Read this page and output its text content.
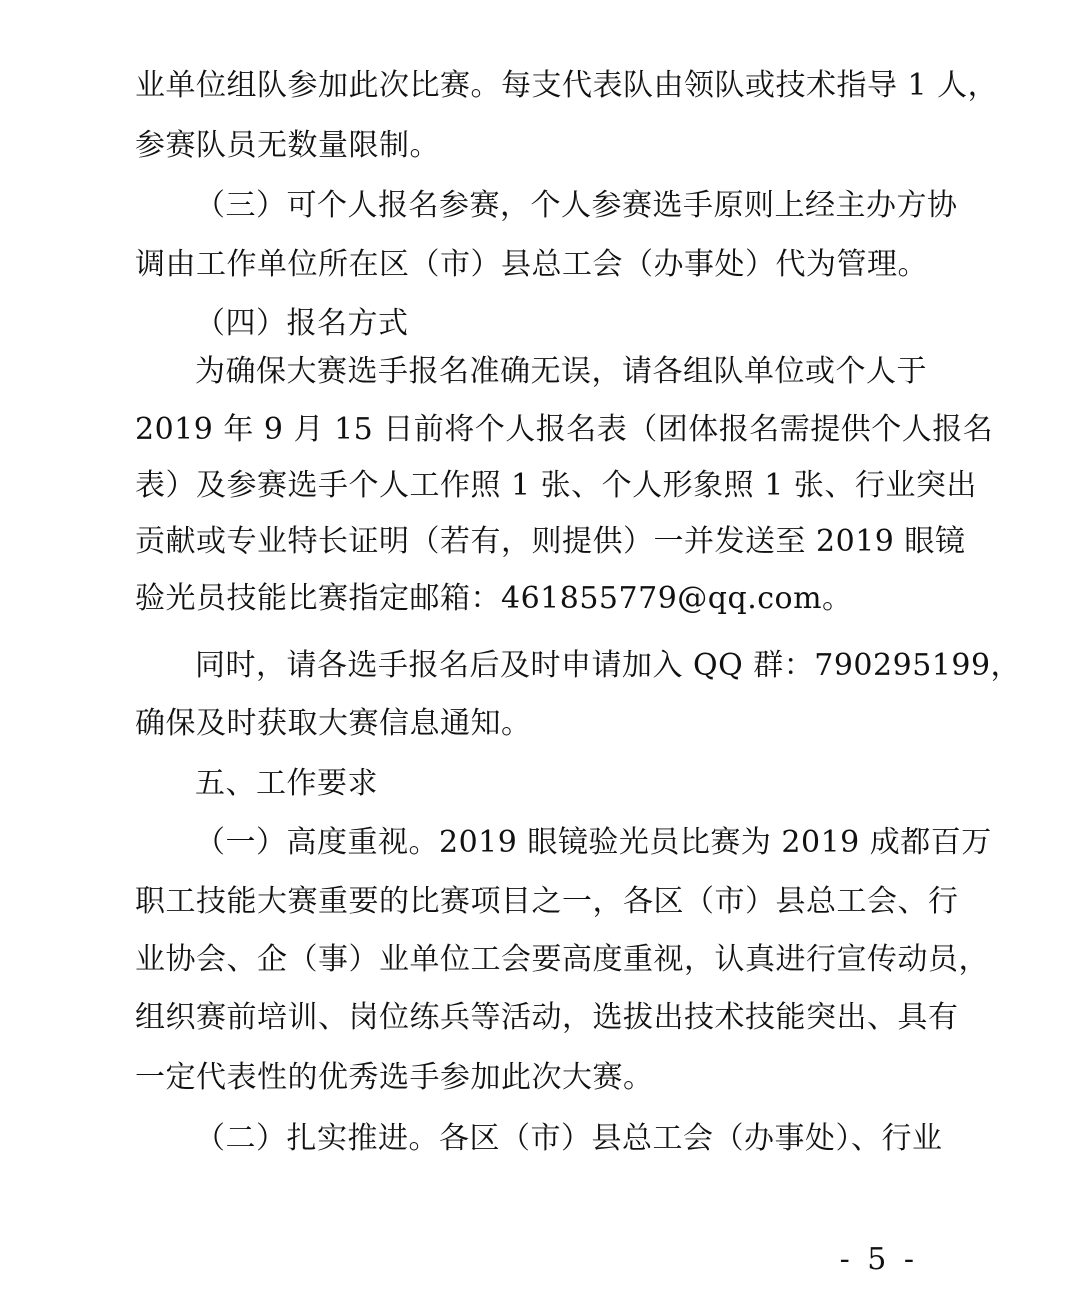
业单位组队参加此次比赛。每支代表队由领队或技术指导 1 人，
参赛队员无数量限制。
（三）可个人报名参赛，个人参赛选手原则上经主办方协
调由工作单位所在区（市）县总工会（办事处）代为管理。
（四）报名方式
为确保大赛选手报名准确无误，请各组队单位或个人于
2019 年 9 月 15 日前将个人报名表（团体报名需提供个人报名
表）及参赛选手个人工作照 1 张、个人形象照 1 张、行业突出
贡献或专业特长证明（若有，则提供）一并发送至 2019 眼镜
验光员技能比赛指定邮箱：461855779@qq.com。
同时，请各选手报名后及时申请加入 QQ 群：790295199，
确保及时获取大赛信息通知。
五、工作要求
（一）高度重视。2019 眼镜验光员比赛为 2019 成都百万
职工技能大赛重要的比赛项目之一，各区（市）县总工会、行
业协会、企（事）业单位工会要高度重视，认真进行宣传动员，
组织赛前培训、岗位练兵等活动，选拔出技术技能突出、具有
一定代表性的优秀选手参加此次大赛。
（二）扎实推进。各区（市）县总工会（办事处）、行业
- 5 -
